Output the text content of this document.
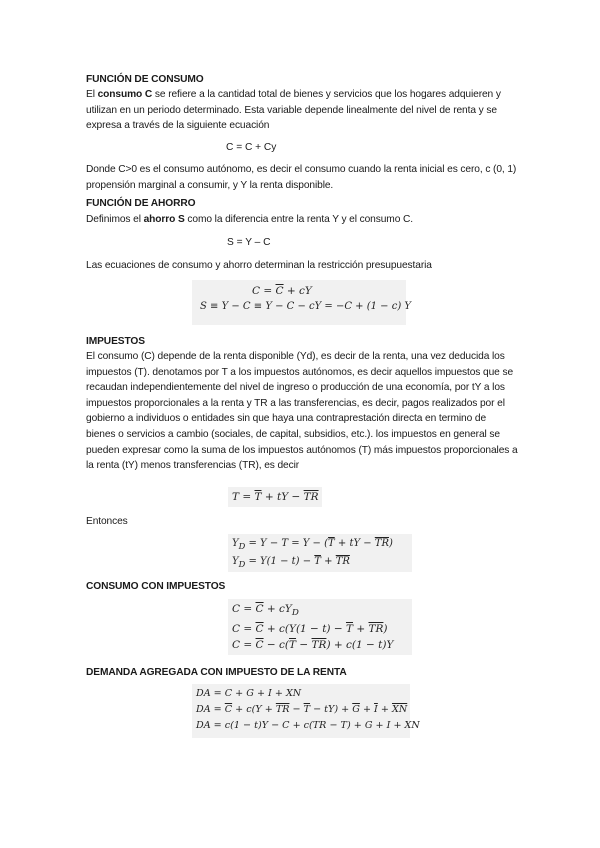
FUNCIÓN DE CONSUMO

El consumo C se refiere a la cantidad total de bienes y servicios que los hogares adquieren y utilizan en un periodo determinado. Esta variable depende linealmente del nivel de renta y se expresa a través de la siguiente ecuación

C = C + Cy

Donde C>0 es el consumo autónomo, es decir el consumo cuando la renta inicial es cero, c (0, 1) propensión marginal a consumir, y Y la renta disponible.

FUNCIÓN DE AHORRO

Definimos el ahorro S como la diferencia entre la renta Y y el consumo C.

S = Y – C

Las ecuaciones de consumo y ahorro determinan la restricción presupuestaria

$C = \overline{C}$ + cY
S ≡ Y − C ≡ Y − C − cY = −C + (1 − c) Y
IMPUESTOS

El consumo (C) depende de la renta disponible (Yd), es decir de la renta, una vez deducida los impuestos (T). denotamos por T a los impuestos autónomos, es decir aquellos impuestos que se recaudan independientemente del nivel de ingreso o producción de una economía, por tY a los impuestos proporcionales a la renta y TR a las transferencias, es decir, pagos realizados por el gobierno a individuos o entidades sin que haya una contraprestación directa en termino de bienes o servicios a cambio (sociales, de capital, subsidios, etc.). los impuestos en general se pueden expresar como la suma de los impuestos autónomos (T) más impuestos proporcionales a la renta (tY) menos transferencias (TR), es decir

$T = \overline{T}$ + tY − $\overline{TR}$

Entonces

$Y_D = Y - T = Y - (\overline{T}$ + tY − $\overline{TR}$)
$Y_D = Y(1 - t) - \overline{T} + \overline{TR}$
CONSUMO CON IMPUESTOS
$C = \overline{C} + cY_D$
$C = \overline{C} + c(Y(1 - t) - \overline{T} + \overline{TR})$
$C = \overline{C} - c(\overline{T} - \overline{TR}) + c(1 - t)Y$
DEMANDA AGREGADA CON IMPUESTO DE LA RENTA
DA = C + G + I + XN
DA = $\overline{C} + c(Y + \overline{TR} - \overline{T} - tY) + \overline{G} + \overline{I} + \overline{XN}$
DA = c(1 − t)Y − C + c(TR − T) + G + I + XN
